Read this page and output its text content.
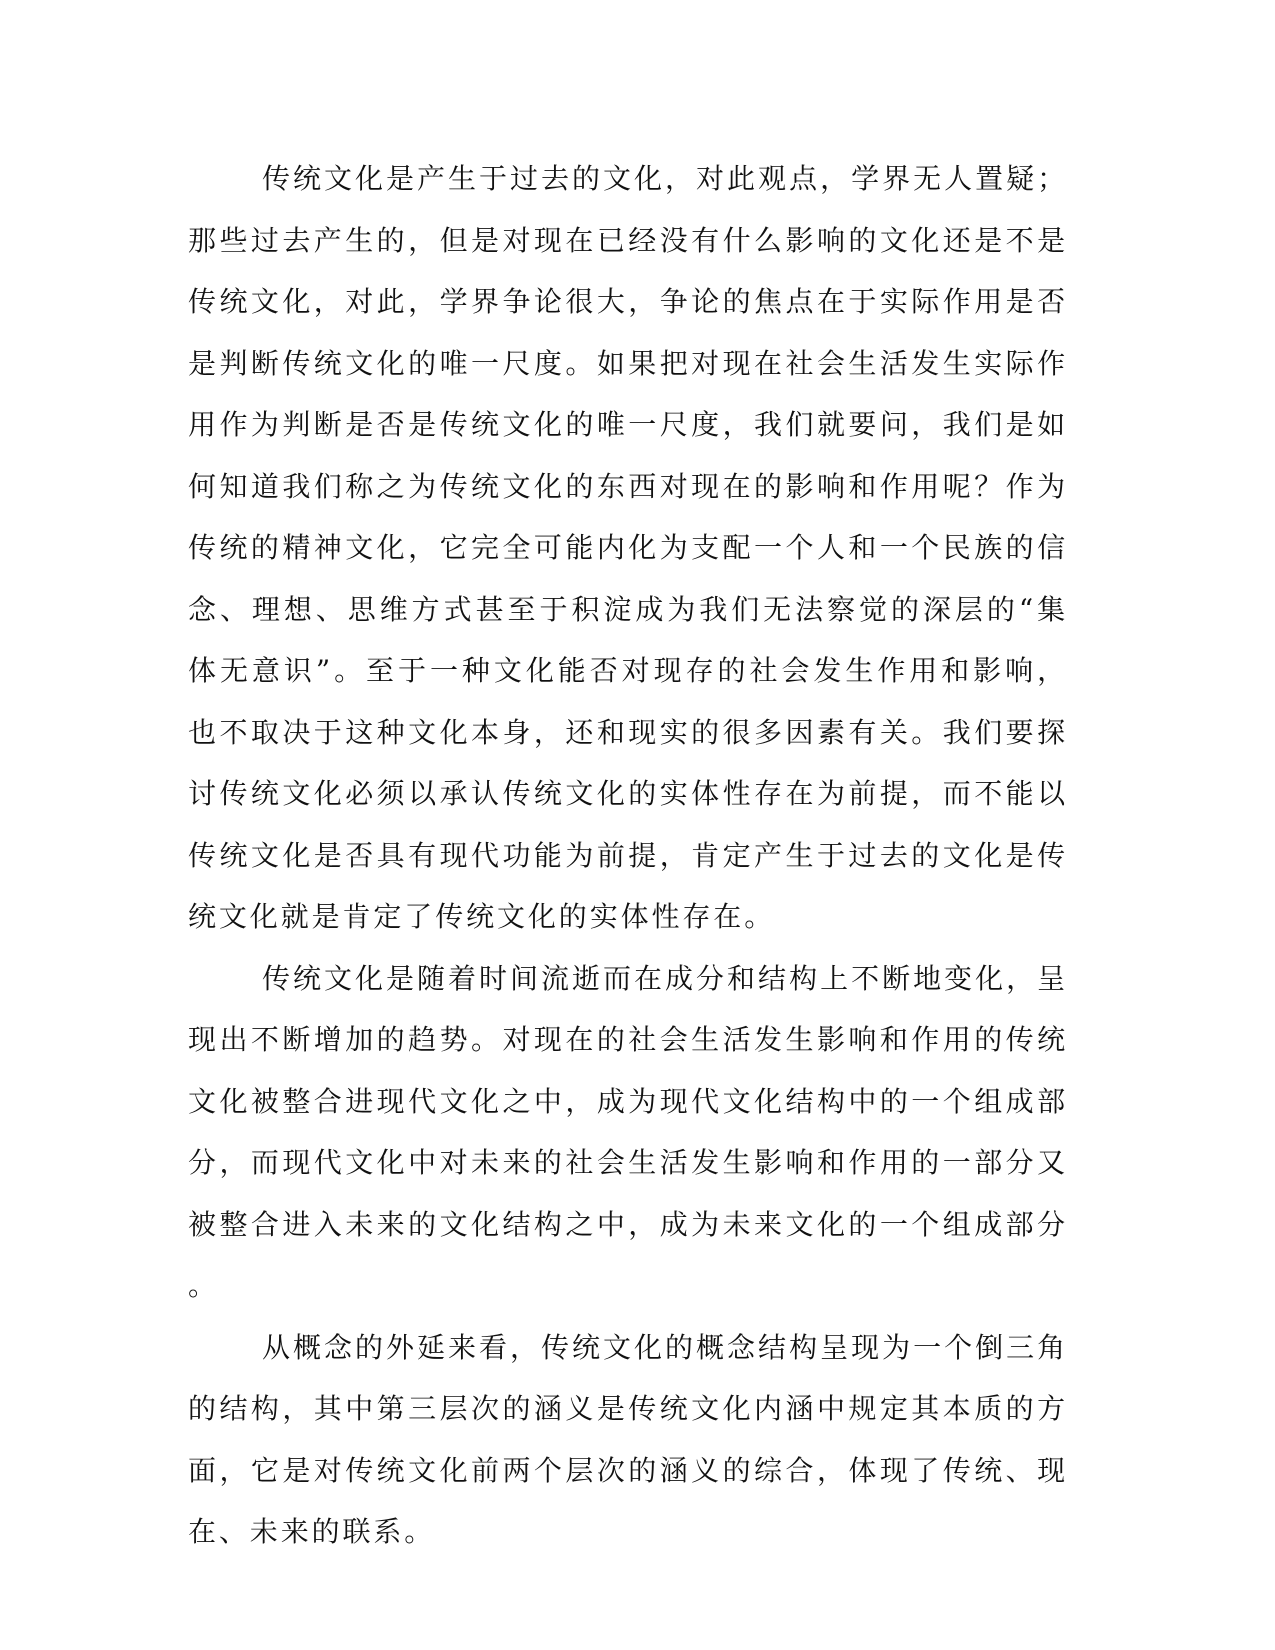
传统文化是产生于过去的文化，对此观点，学界无人置疑；那些过去产生的，但是对现在已经没有什么影响的文化还是不是传统文化，对此，学界争论很大，争论的焦点在于实际作用是否是判断传统文化的唯一尺度。如果把对现在社会生活发生实际作用作为判断是否是传统文化的唯一尺度，我们就要问，我们是如何知道我们称之为传统文化的东西对现在的影响和作用呢？作为传统的精神文化，它完全可能内化为支配一个人和一个民族的信念、理想、思维方式甚至于积淀成为我们无法察觉的深层的“集体无意识”。至于一种文化能否对现存的社会发生作用和影响，也不取决于这种文化本身，还和现实的很多因素有关。我们要探讨传统文化必须以承认传统文化的实体性存在为前提，而不能以传统文化是否具有现代功能为前提，肯定产生于过去的文化是传统文化就是肯定了传统文化的实体性存在。

传统文化是随着时间流逝而在成分和结构上不断地变化，呈现出不断增加的趋势。对现在的社会生活发生影响和作用的传统文化被整合进现代文化之中，成为现代文化结构中的一个组成部分，而现代文化中对未来的社会生活发生影响和作用的一部分又被整合进入未来的文化结构之中，成为未来文化的一个组成部分。

从概念的外延来看，传统文化的概念结构呈现为一个倒三角的结构，其中第三层次的涵义是传统文化内涵中规定其本质的方面，它是对传统文化前两个层次的涵义的综合，体现了传统、现在、未来的联系。
